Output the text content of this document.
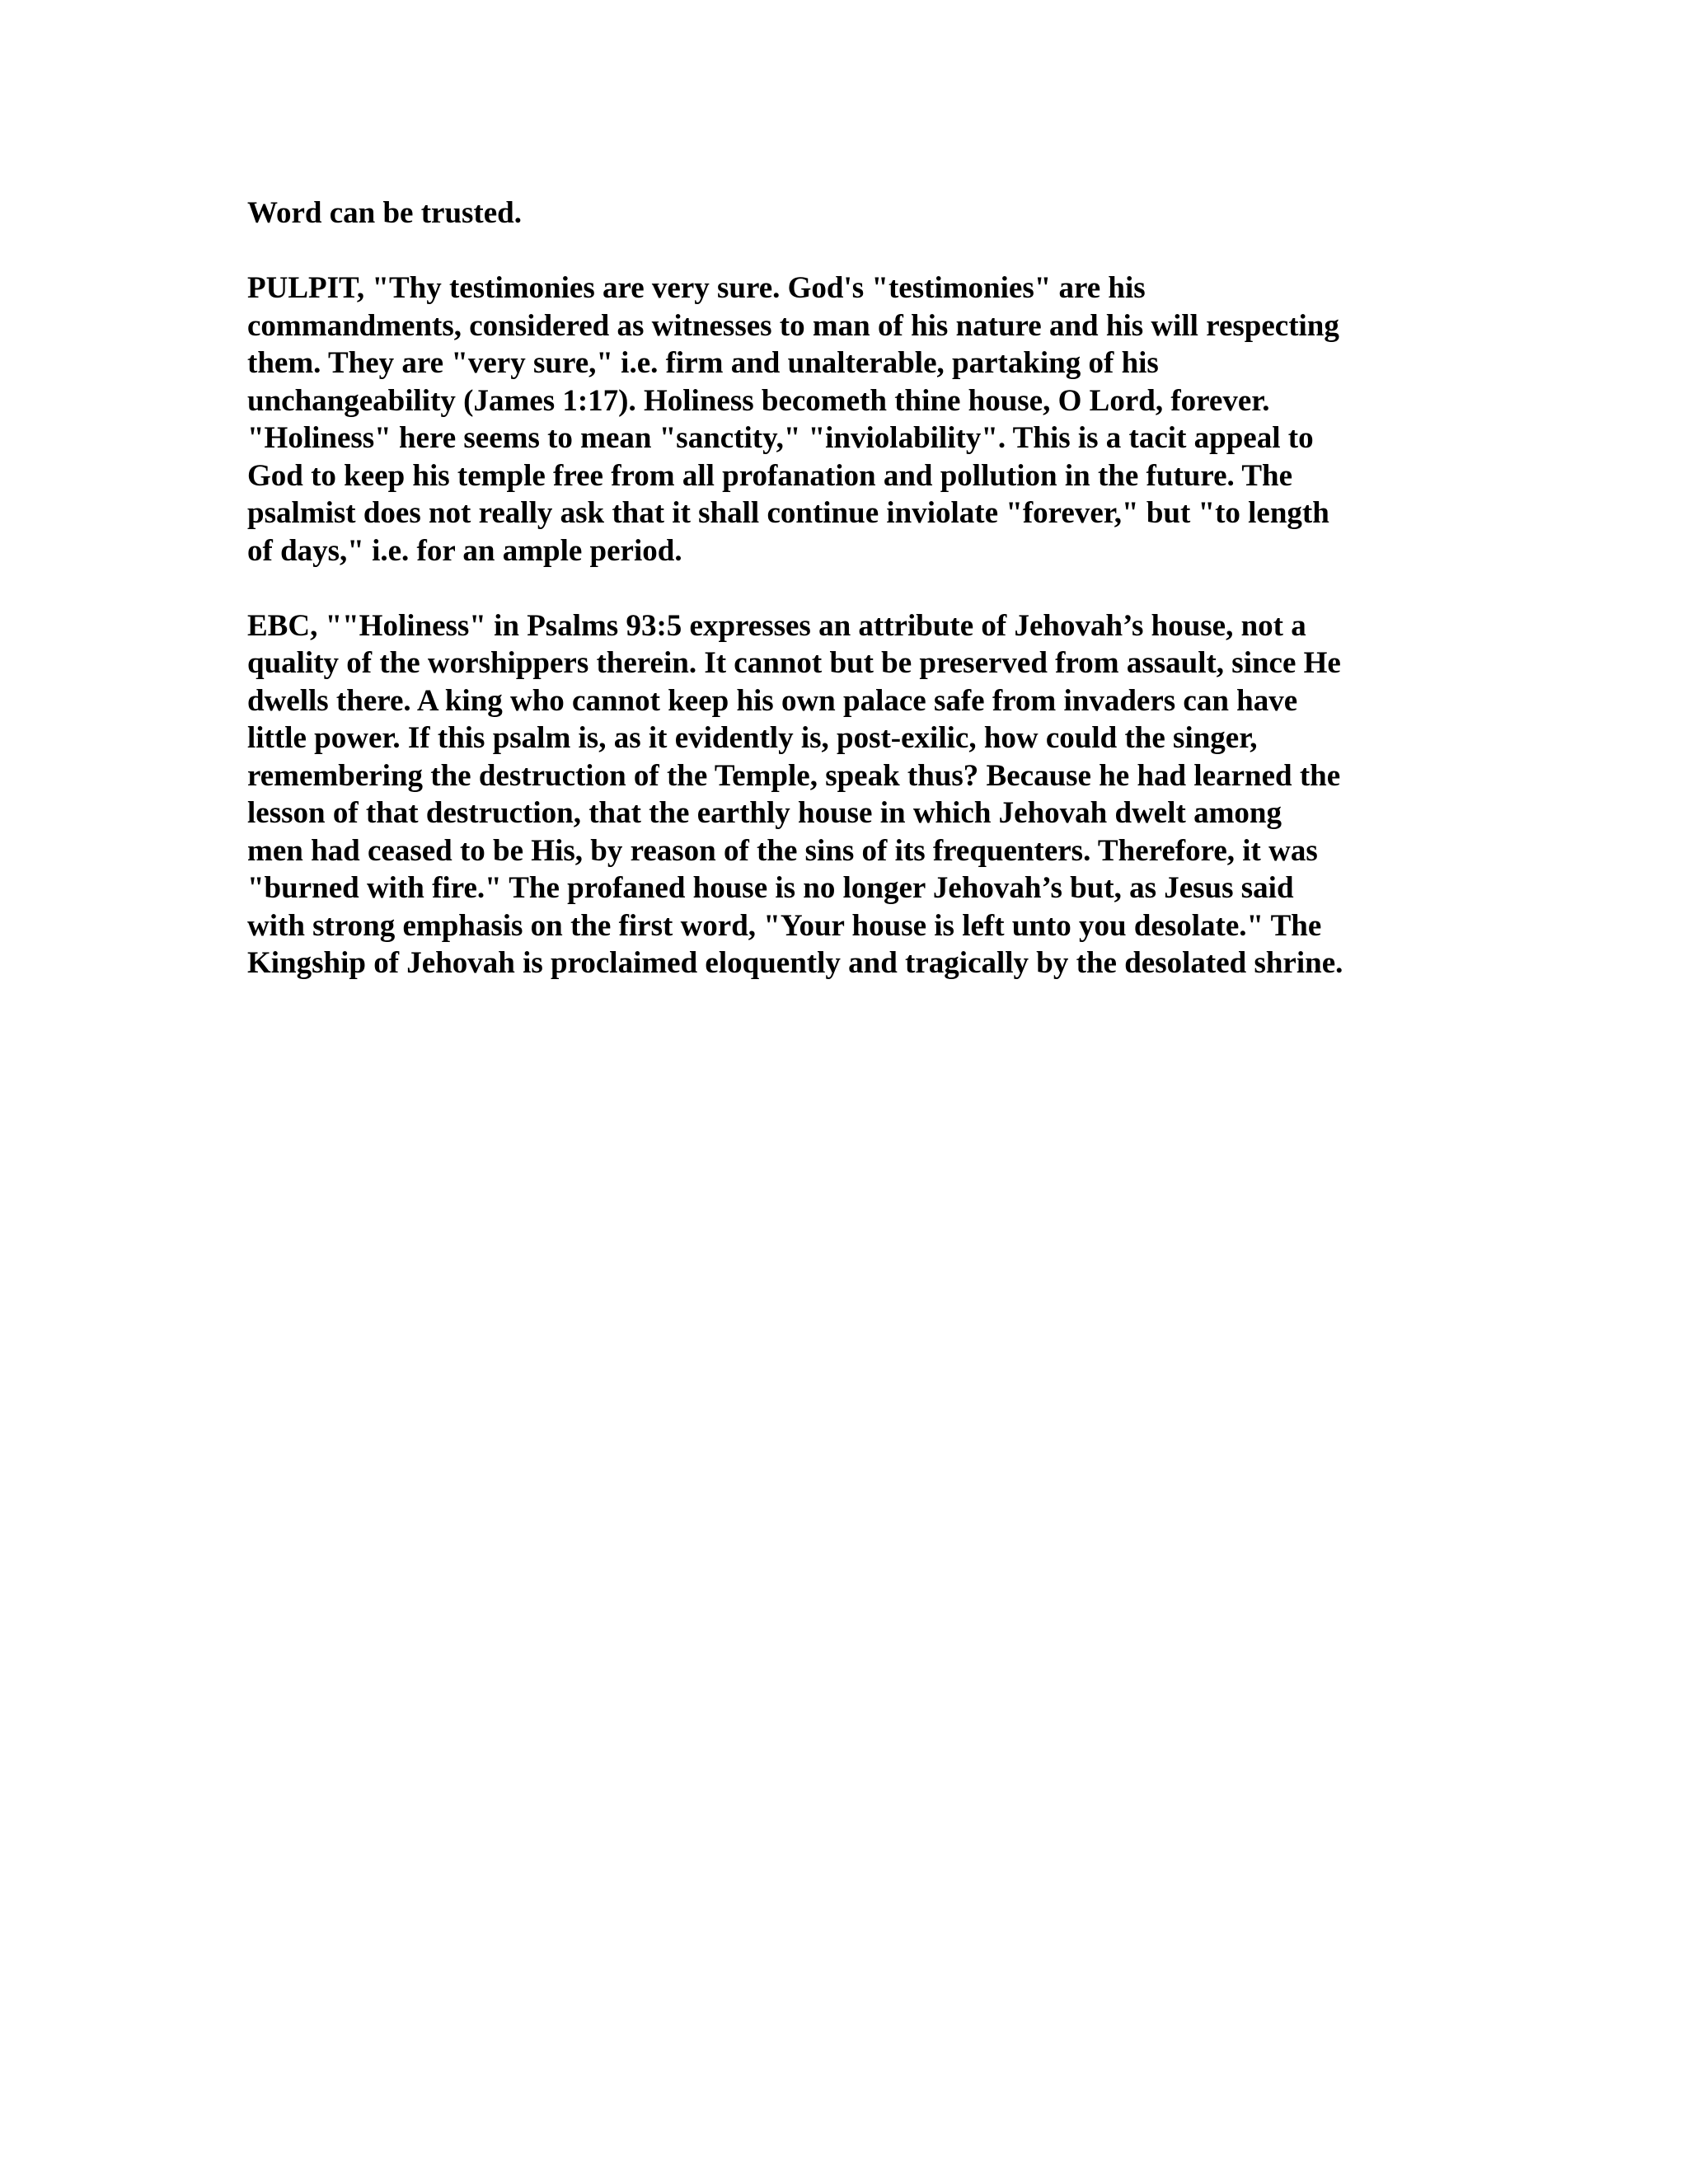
Word can be trusted.

PULPIT, "Thy testimonies are very sure. God's "testimonies" are his
commandments, considered as witnesses to man of his nature and his will respecting
them. They are "very sure," i.e. firm and unalterable, partaking of his
unchangeability (James 1:17). Holiness becometh thine house, O Lord, forever.
"Holiness" here seems to mean "sanctity," "inviolability". This is a tacit appeal to
God to keep his temple free from all profanation and pollution in the future. The
psalmist does not really ask that it shall continue inviolate "forever," but "to length
of days," i.e. for an ample period.

EBC, ""Holiness" in Psalms 93:5 expresses an attribute of Jehovah’s house, not a
quality of the worshippers therein. It cannot but be preserved from assault, since He
dwells there. A king who cannot keep his own palace safe from invaders can have
little power. If this psalm is, as it evidently is, post-exilic, how could the singer,
remembering the destruction of the Temple, speak thus? Because he had learned the
lesson of that destruction, that the earthly house in which Jehovah dwelt among
men had ceased to be His, by reason of the sins of its frequenters. Therefore, it was
"burned with fire." The profaned house is no longer Jehovah’s but, as Jesus said
with strong emphasis on the first word, "Your house is left unto you desolate." The
Kingship of Jehovah is proclaimed eloquently and tragically by the desolated shrine.
